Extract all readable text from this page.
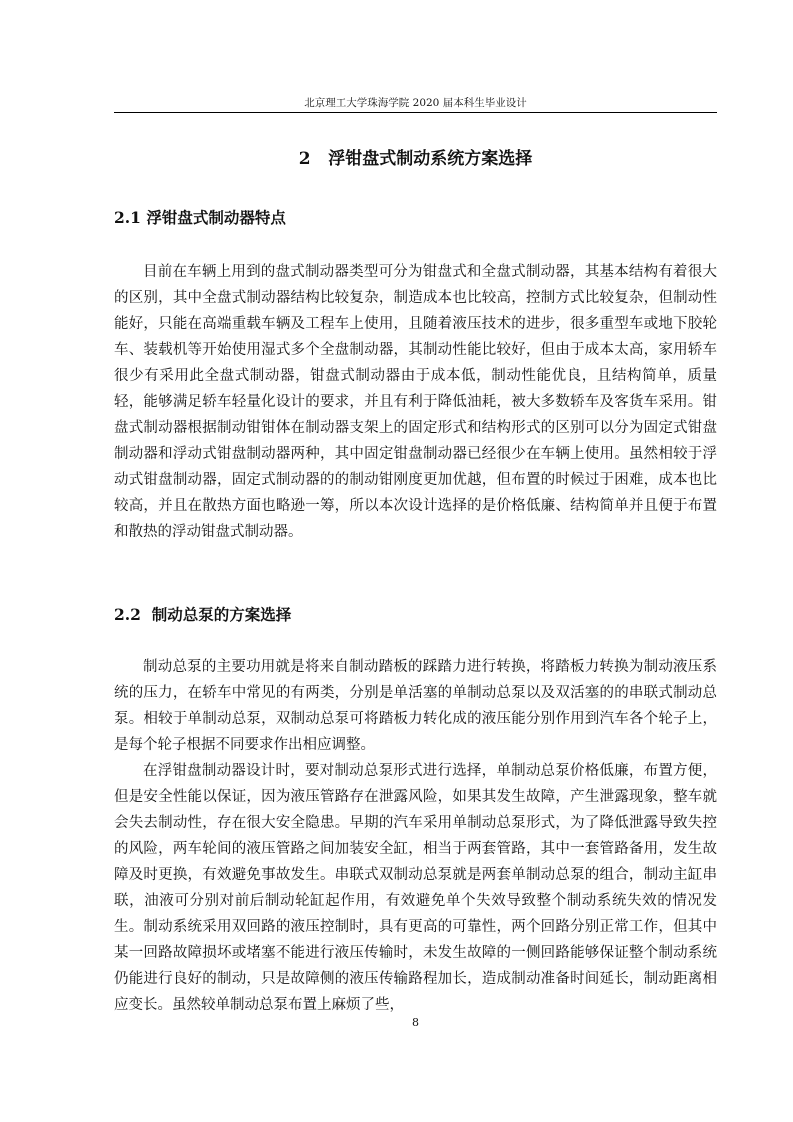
北京理工大学珠海学院 2020 届本科生毕业设计
2   浮钳盘式制动系统方案选择
2.1 浮钳盘式制动器特点

目前在车辆上用到的盘式制动器类型可分为钳盘式和全盘式制动器，其基本结构有着很大的区别，其中全盘式制动器结构比较复杂，制造成本也比较高，控制方式比较复杂，但制动性能好，只能在高端重载车辆及工程车上使用，且随着液压技术的进步，很多重型车或地下胶轮车、装载机等开始使用湿式多个全盘制动器，其制动性能比较好，但由于成本太高，家用轿车很少有采用此全盘式制动器，钳盘式制动器由于成本低，制动性能优良，且结构简单，质量轻，能够满足轿车轻量化设计的要求，并且有利于降低油耗，被大多数轿车及客货车采用。钳盘式制动器根据制动钳钳体在制动器支架上的固定形式和结构形式的区别可以分为固定式钳盘制动器和浮动式钳盘制动器两种，其中固定钳盘制动器已经很少在车辆上使用。虽然相较于浮动式钳盘制动器，固定式制动器的的制动钳刚度更加优越，但布置的时候过于困难，成本也比较高，并且在散热方面也略逊一筹，所以本次设计选择的是价格低廉、结构简单并且便于布置和散热的浮动钳盘式制动器。

2.2  制动总泵的方案选择

制动总泵的主要功用就是将来自制动踏板的踩踏力进行转换，将踏板力转换为制动液压系统的压力，在轿车中常见的有两类，分别是单活塞的单制动总泵以及双活塞的的串联式制动总泵。相较于单制动总泵，双制动总泵可将踏板力转化成的液压能分别作用到汽车各个轮子上，是每个轮子根据不同要求作出相应调整。

在浮钳盘制动器设计时，要对制动总泵形式进行选择，单制动总泵价格低廉，布置方便，但是安全性能以保证，因为液压管路存在泄露风险，如果其发生故障，产生泄露现象，整车就会失去制动性，存在很大安全隐患。早期的汽车采用单制动总泵形式，为了降低泄露导致失控的风险，两车轮间的液压管路之间加装安全缸，相当于两套管路，其中一套管路备用，发生故障及时更换，有效避免事故发生。串联式双制动总泵就是两套单制动总泵的组合，制动主缸串联，油液可分别对前后制动轮缸起作用，有效避免单个失效导致整个制动系统失效的情况发生。制动系统采用双回路的液压控制时，具有更高的可靠性，两个回路分别正常工作，但其中某一回路故障损坏或堵塞不能进行液压传输时，未发生故障的一侧回路能够保证整个制动系统仍能进行良好的制动，只是故障侧的液压传输路程加长，造成制动准备时间延长，制动距离相应变长。虽然较单制动总泵布置上麻烦了些，

8
